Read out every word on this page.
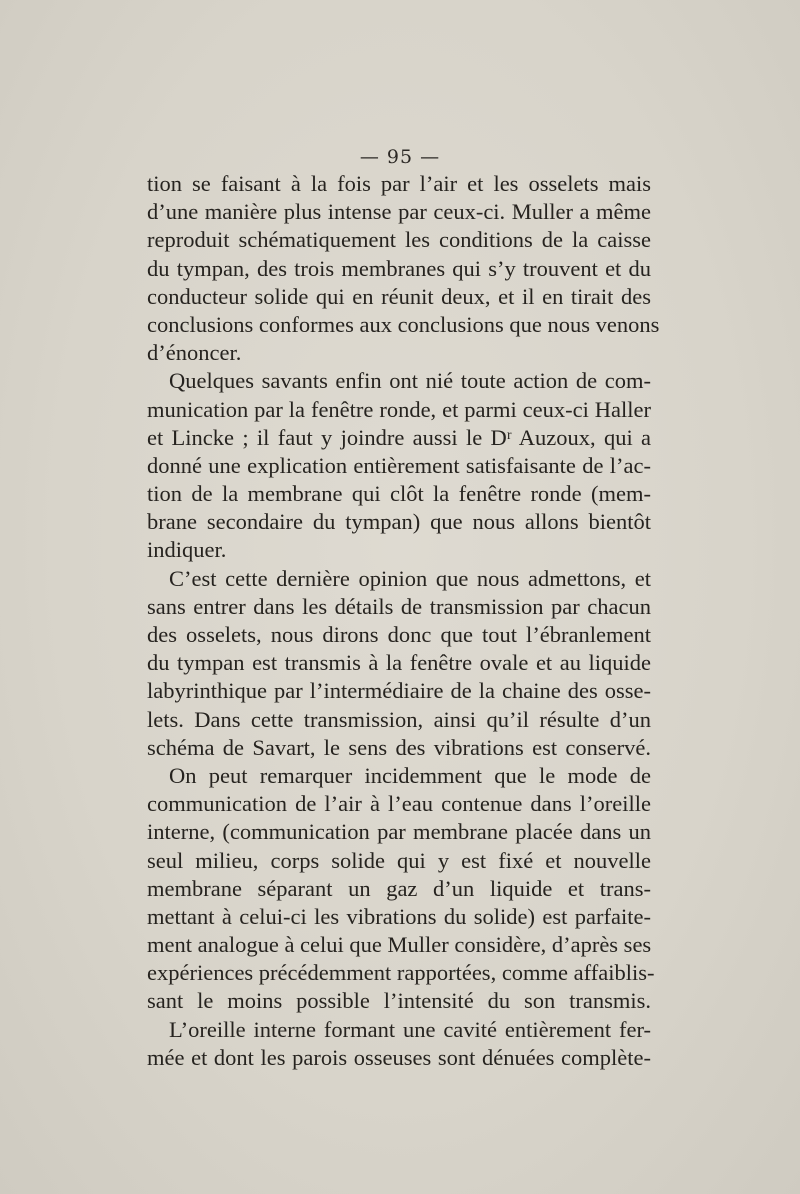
— 95 —
tion se faisant à la fois par l’air et les osselets mais
d’une manière plus intense par ceux-ci. Muller a même
reproduit schématiquement les conditions de la caisse
du tympan, des trois membranes qui s’y trouvent et du
conducteur solide qui en réunit deux, et il en tirait des
conclusions conformes aux conclusions que nous venons
d’énoncer.
Quelques savants enfin ont nié toute action de com-
munication par la fenêtre ronde, et parmi ceux-ci Haller
et Lincke ; il faut y joindre aussi le Dʳ Auzoux, qui a
donné une explication entièrement satisfaisante de l’ac-
tion de la membrane qui clôt la fenêtre ronde (mem-
brane secondaire du tympan) que nous allons bientôt
indiquer.
C’est cette dernière opinion que nous admettons, et
sans entrer dans les détails de transmission par chacun
des osselets, nous dirons donc que tout l’ébranlement
du tympan est transmis à la fenêtre ovale et au liquide
labyrinthique par l’intermédiaire de la chaine des osse-
lets. Dans cette transmission, ainsi qu’il résulte d’un
schéma de Savart, le sens des vibrations est conservé.
On peut remarquer incidemment que le mode de
communication de l’air à l’eau contenue dans l’oreille
interne, (communication par membrane placée dans un
seul milieu, corps solide qui y est fixé et nouvelle
membrane séparant un gaz d’un liquide et trans-
mettant à celui-ci les vibrations du solide) est parfaite-
ment analogue à celui que Muller considère, d’après ses
expériences précédemment rapportées, comme affaiblis-
sant le moins possible l’intensité du son transmis.
L’oreille interne formant une cavité entièrement fer-
mée et dont les parois osseuses sont dénuées complète-
